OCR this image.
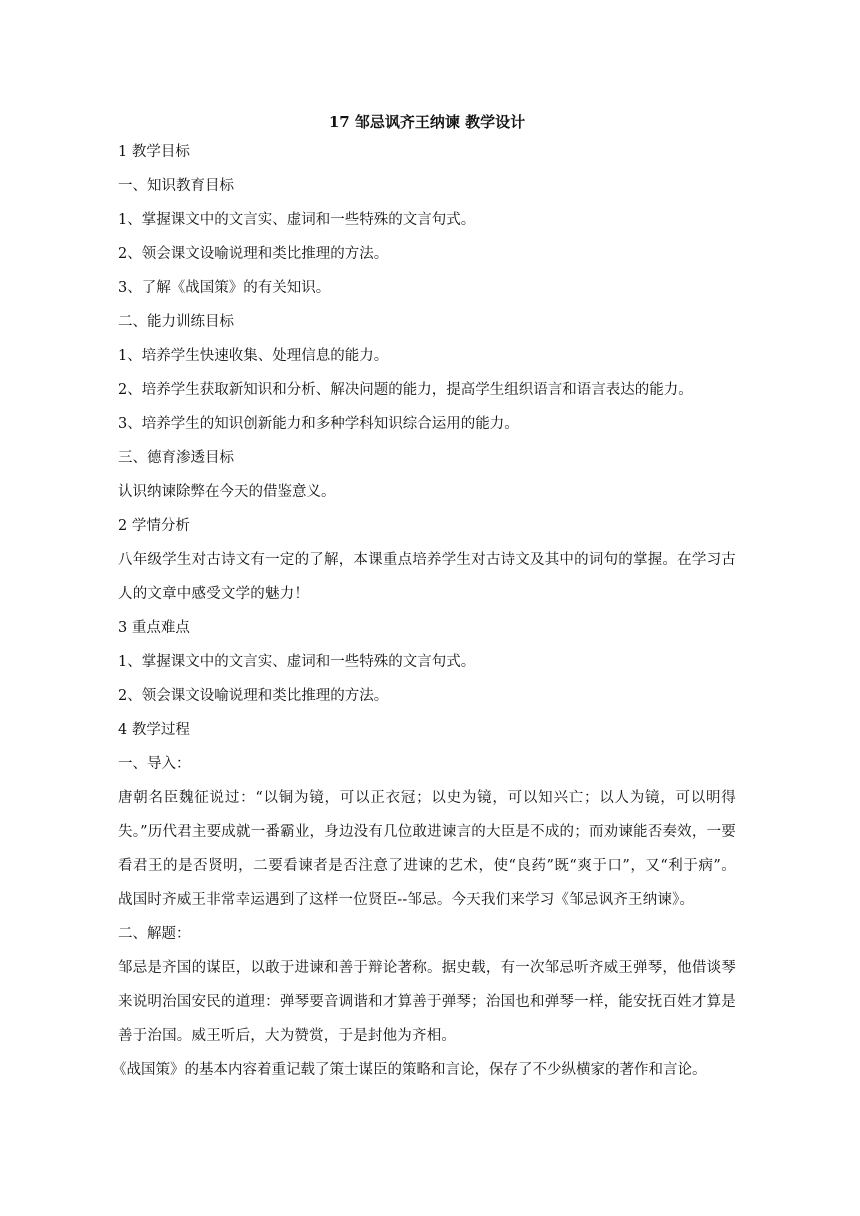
17 邹忌讽齐王纳谏 教学设计
1 教学目标
一、知识教育目标
1、掌握课文中的文言实、虚词和一些特殊的文言句式。
2、领会课文设喻说理和类比推理的方法。
3、了解《战国策》的有关知识。
二、能力训练目标
1、培养学生快速收集、处理信息的能力。
2、培养学生获取新知识和分析、解决问题的能力，提高学生组织语言和语言表达的能力。
3、培养学生的知识创新能力和多种学科知识综合运用的能力。
三、德育渗透目标
认识纳谏除弊在今天的借鉴意义。
2 学情分析
八年级学生对古诗文有一定的了解，本课重点培养学生对古诗文及其中的词句的掌握。在学习古人的文章中感受文学的魅力！
3 重点难点
1、掌握课文中的文言实、虚词和一些特殊的文言句式。
2、领会课文设喻说理和类比推理的方法。
4 教学过程
一、导入：
唐朝名臣魏征说过：“以铜为镜，可以正衣冠；以史为镜，可以知兴亡；以人为镜，可以明得失。”历代君主要成就一番霸业，身边没有几位敢进谏言的大臣是不成的；而劝谏能否奏效，一要看君王的是否贤明，二要看谏者是否注意了进谏的艺术，使“良药”既“爽于口”，又“利于病”。战国时齐威王非常幸运遇到了这样一位贤臣--邹忌。今天我们来学习《邹忌讽齐王纳谏》。
二、解题：
邹忌是齐国的谋臣，以敢于进谏和善于辩论著称。据史载，有一次邹忌听齐威王弹琴，他借谈琴来说明治国安民的道理：弹琴要音调谐和才算善于弹琴；治国也和弹琴一样，能安抚百姓才算是善于治国。威王听后，大为赞赏，于是封他为齐相。
《战国策》的基本内容着重记载了策士谋臣的策略和言论，保存了不少纵横家的著作和言论。
